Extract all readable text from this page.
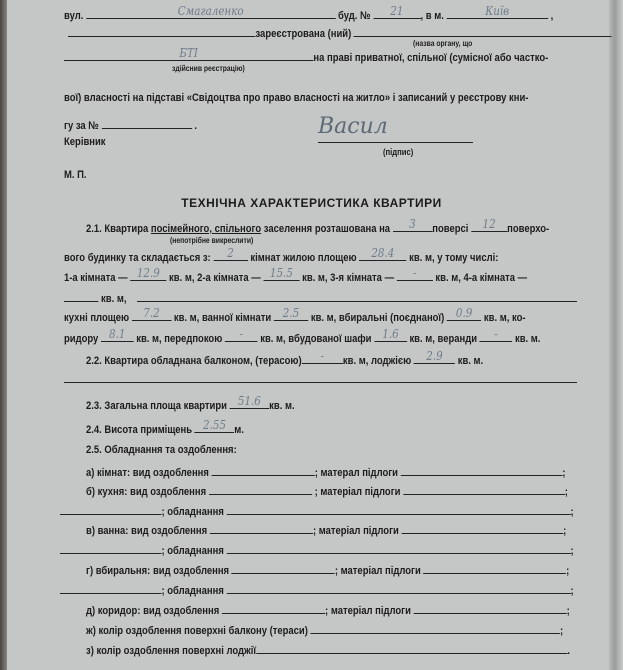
вул.	Смагаленко	буд. №	21	, в м.	Київ	,
зареєстрована (ний)
(назва органу, що
БТІ	на праві приватної, спільної (сумісної або частко-
здійснив реєстрацію)
вої) власності на підставі «Свідоцтва про право власності на житло» і записаний у реєстрову кни-
гу за №	.
Керівник
Васил
(підпис)
М. П.
ТЕХНІЧНА ХАРАКТЕРИСТИКА КВАРТИРИ
2.1. Квартира посімейного, спільного заселення розташована на	3	поверсі	12	поверхо-
(непотрібне викреслити)
вого будинку та складається з:	2	кімнат жилою площею	28.4	кв. м, у тому числі:
1-а кімната — 12.9 кв. м, 2-а кімната — 15.5 кв. м, 3-я кімната —	-	кв. м, 4-а кімната —
кв. м,
кухні площею	7.2	кв. м, ванної кімнати 2.5	кв. м, вбиральні (поєднаної) 0.9	кв. м, ко-
ридору 8.1 кв. м, передпокою	-	кв. м, вбудованої шафи 1.6 кв. м, веранди	-	кв. м.
2.2. Квартира обладнана балконом, (терасою)	-	кв. м, лоджією	2.9	кв. м.
2.3. Загальна площа квартири 51.6 кв. м.
2.4. Висота приміщень 2.55 м.
2.5. Обладнання та оздоблення:
а) кімнат: вид оздоблення	; матерал підлоги	;
б) кухня: вид оздоблення	; матеріал підлоги	;
; обладнання	;
в) ванна: вид оздоблення	; матеріал підлоги	;
; обладнання	;
г) вбиральня: вид оздоблення	; матеріал підлоги	;
; обладнання	;
д) коридор: вид оздоблення	; матеріал підлоги	;
ж) колір оздоблення поверхні балкону (тераси)	;
з) колір оздоблення поверхні лоджії	.
